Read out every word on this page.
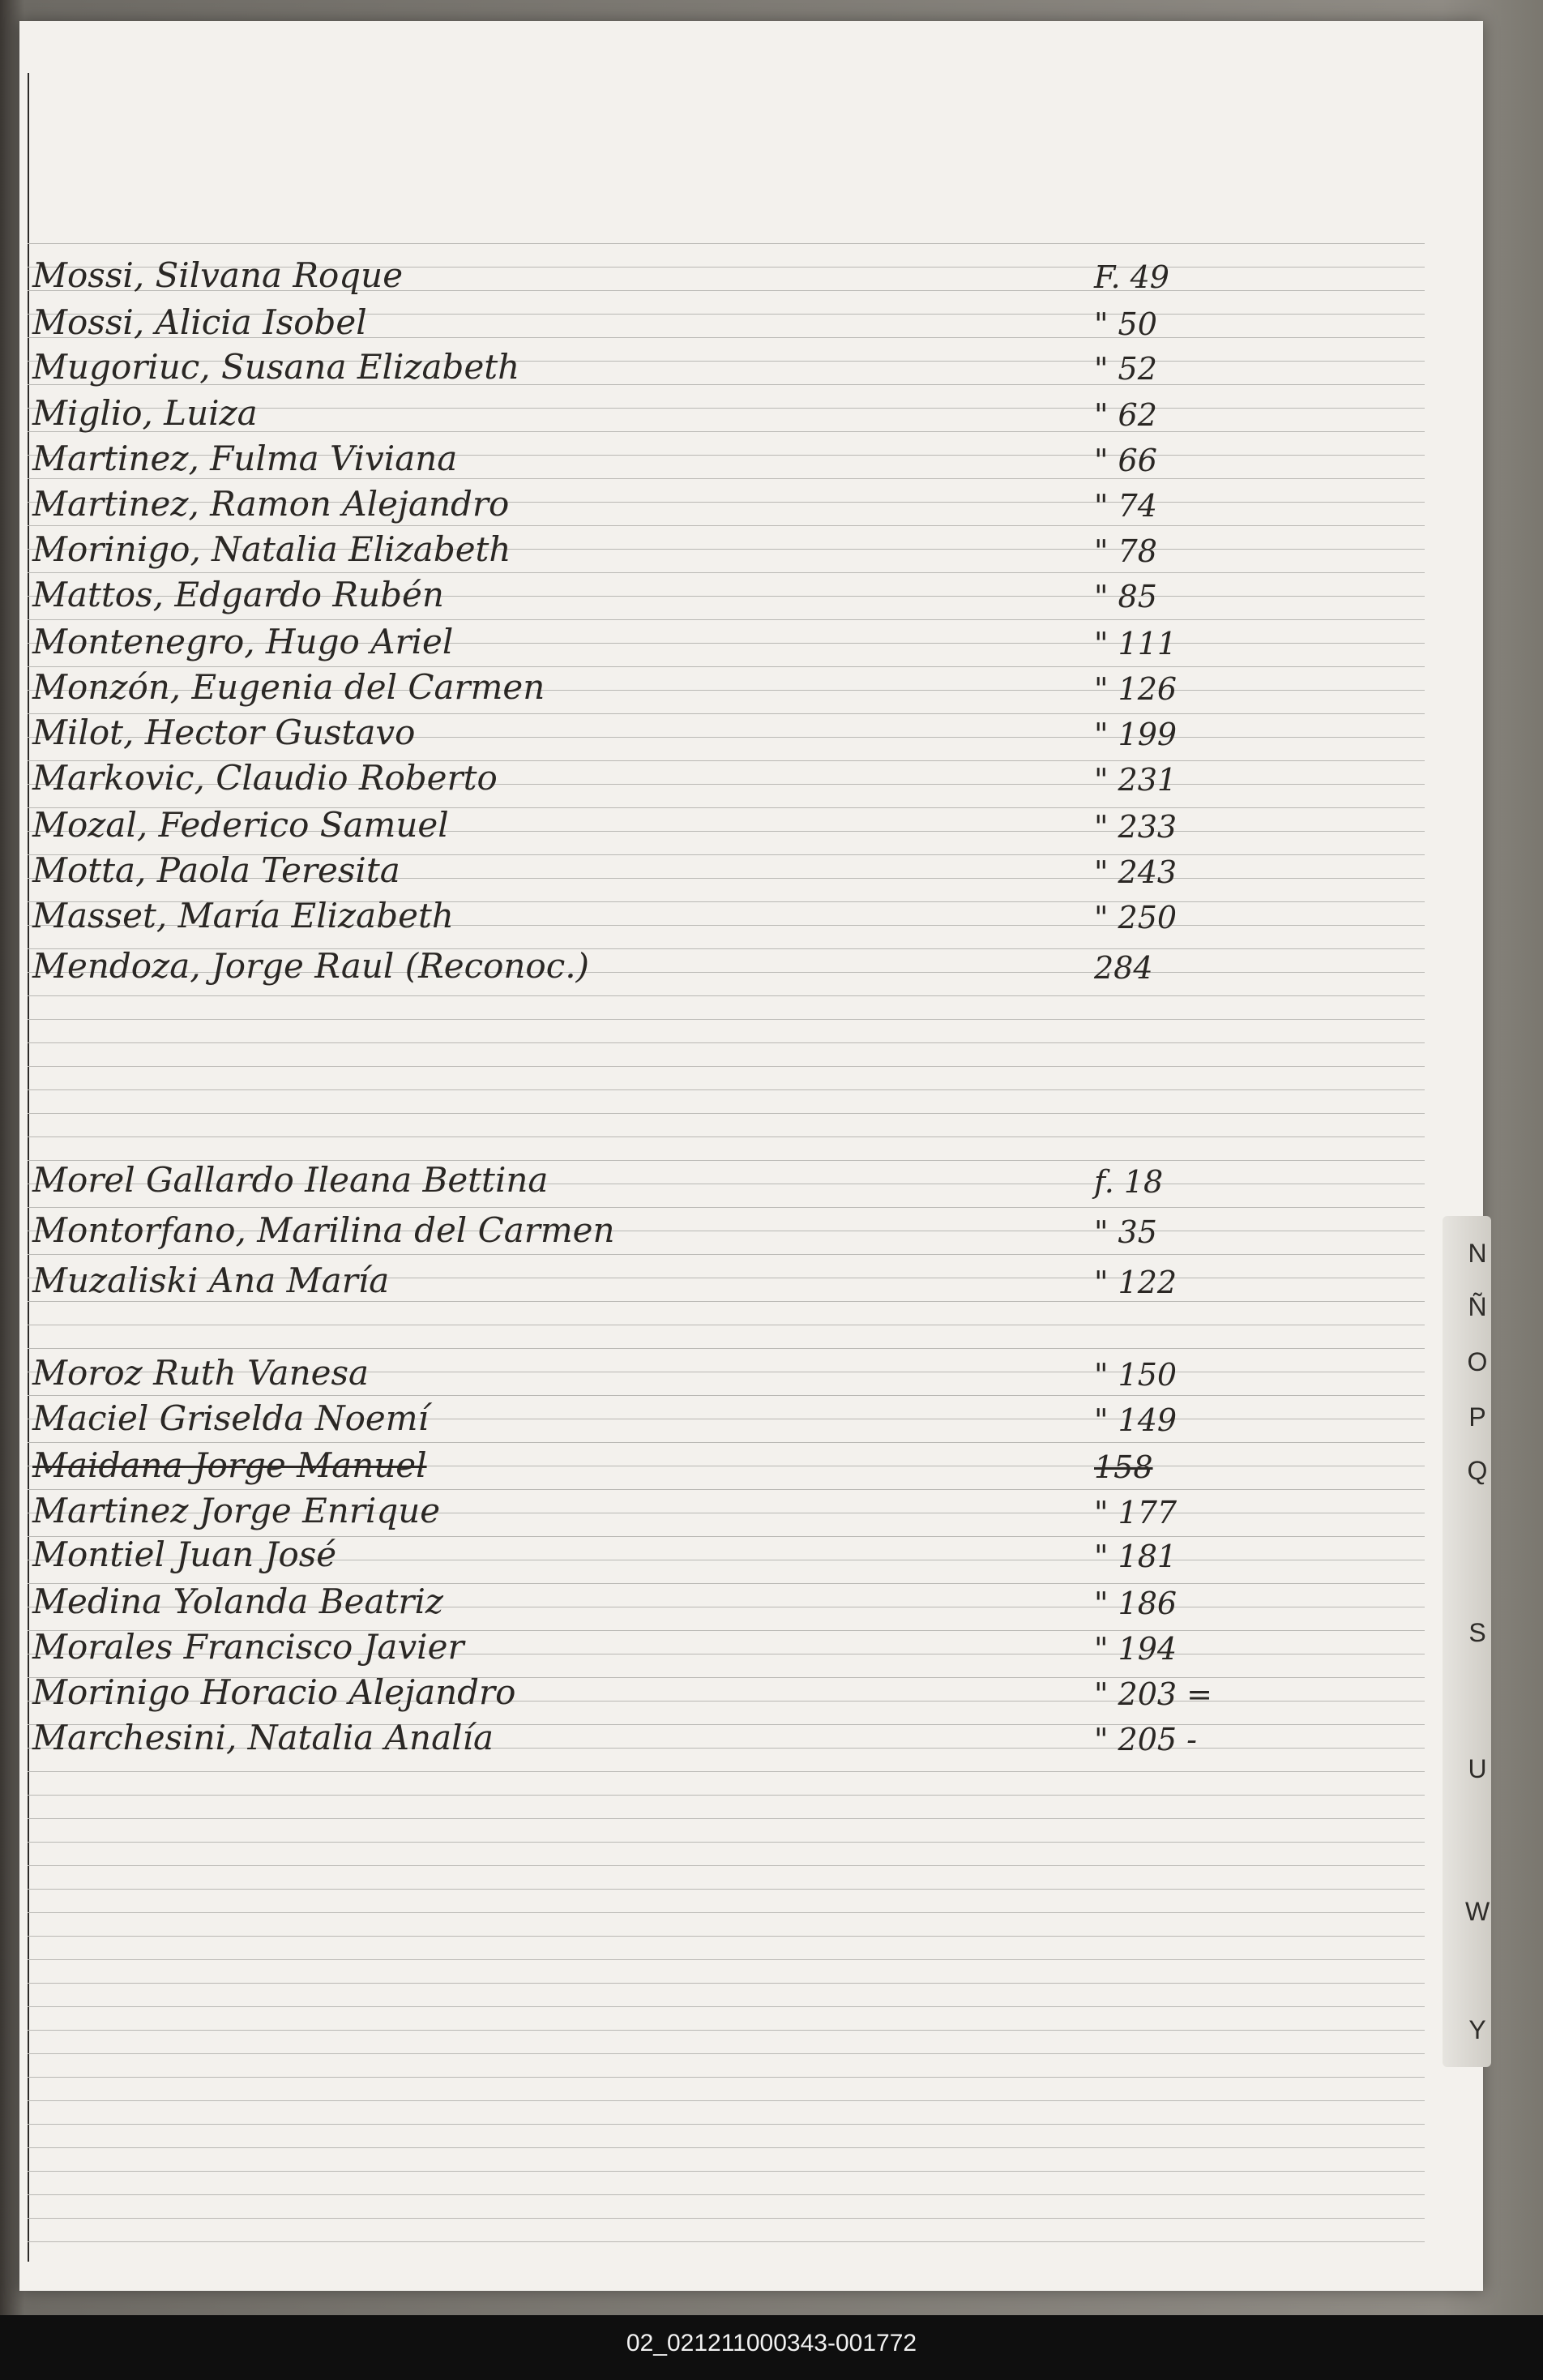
Mossi, Silvana Roque	F. 49
Mossi, Alicia Isobel	" 50
Mugoriuc, Susana Elizabeth	" 52
Miglio, Luiza	" 62
Martinez, Fulma Viviana	" 66
Martinez, Ramon Alejandro	" 74
Morinigo, Natalia Elizabeth	" 78
Mattos, Edgardo Rubén	" 85
Montenegro, Hugo Ariel	" 111
Monzón, Eugenia del Carmen	" 126
Milot, Hector Gustavo	" 199
Markovic, Claudio Roberto	" 231
Mozal, Federico Samuel	" 233
Motta, Paola Teresita	" 243
Masset, María Elizabeth	" 250
Mendoza, Jorge Raul (Reconoc.)	284
Morel Gallardo Ileana Bettina	f. 18
Montorfano, Marilina del Carmen	" 35
Muzaliski Ana María	" 122
Moroz Ruth Vanesa	" 150
Maciel Griselda Noemí	" 149
Maidana Jorge Manuel	158
Martinez Jorge Enrique	" 177
Montiel Juan José	" 181
Medina Yolanda Beatriz	" 186
Morales Francisco Javier	" 194
Morinigo Horacio Alejandro	" 203 =
Marchesini, Natalia Analía	" 205 -
N
Ñ
O
P
Q
S
U
W
Y
02_021211000343-001772
